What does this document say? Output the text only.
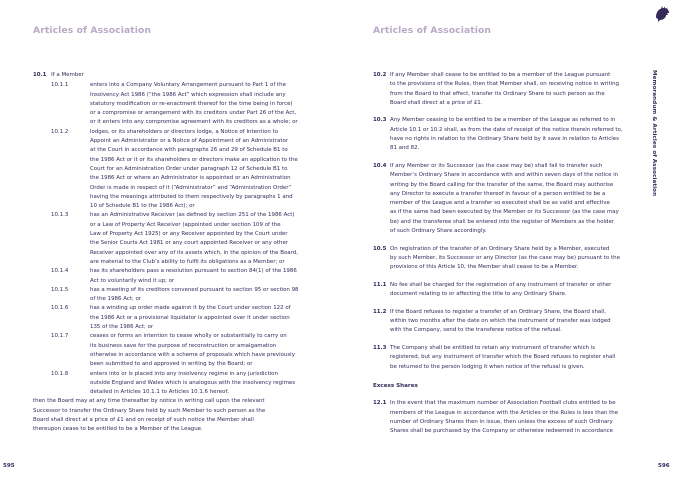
Articles of Association
10.1 If a Member
10.1.1	enters into a Company Voluntary Arrangement pursuant to Part 1 of the
Insolvency Act 1986 (“the 1986 Act” which expression shall include any
statutory modification or re-enactment thereof for the time being in force)
or a compromise or arrangement with its creditors under Part 26 of the Act,
or it enters into any compromise agreement with its creditors as a whole; or
10.1.2	lodges, or its shareholders or directors lodge, a Notice of Intention to
Appoint an Administrator or a Notice of Appointment of an Administrator
at the Court in accordance with paragraphs 26 and 29 of Schedule B1 to
the 1986 Act or it or its shareholders or directors make an application to the
Court for an Administration Order under paragraph 12 of Schedule B1 to
the 1986 Act or where an Administrator is appointed or an Administration
Order is made in respect of it (“Administrator” and “Administration Order”
having the meanings attributed to them respectively by paragraphs 1 and
10 of Schedule B1 to the 1986 Act); or
10.1.3	has an Administrative Receiver (as defined by section 251 of the 1986 Act)
or a Law of Property Act Receiver (appointed under section 109 of the
Law of Property Act 1925) or any Receiver appointed by the Court under
the Senior Courts Act 1981 or any court appointed Receiver or any other
Receiver appointed over any of its assets which, in the opinion of the Board,
are material to the Club’s ability to fulfil its obligations as a Member; or
10.1.4	has its shareholders pass a resolution pursuant to section 84(1) of the 1986
Act to voluntarily wind it up; or
10.1.5	has a meeting of its creditors convened pursuant to section 95 or section 98
of the 1986 Act; or
10.1.6	has a winding up order made against it by the Court under section 122 of
the 1986 Act or a provisional liquidator is appointed over it under section
135 of the 1986 Act; or
10.1.7	ceases or forms an intention to cease wholly or substantially to carry on
its business save for the purpose of reconstruction or amalgamation
otherwise in accordance with a scheme of proposals which have previously
been submitted to and approved in writing by the Board; or
10.1.8	enters into or is placed into any insolvency regime in any jurisdiction
outside England and Wales which is analogous with the insolvency regimes
detailed in Articles 10.1.1 to Articles 10.1.6 hereof,
then the Board may at any time thereafter by notice in writing call upon the relevant
Successor to transfer the Ordinary Share held by such Member to such person as the
Board shall direct at a price of £1 and on receipt of such notice the Member shall
thereupon cease to be entitled to be a Member of the League.
595
Articles of Association
10.2 If any Member shall cease to be entitled to be a member of the League pursuant
to the provisions of the Rules, then that Member shall, on receiving notice in writing
from the Board to that effect, transfer its Ordinary Share to such person as the
Board shall direct at a price of £1.
10.3 Any Member ceasing to be entitled to be a member of the League as referred to in
Article 10.1 or 10.2 shall, as from the date of receipt of the notice therein referred to,
have no rights in relation to the Ordinary Share held by it save in relation to Articles
81 and 82.
10.4 If any Member or its Successor (as the case may be) shall fail to transfer such
Member’s Ordinary Share in accordance with and within seven days of the notice in
writing by the Board calling for the transfer of the same, the Board may authorise
any Director to execute a transfer thereof in favour of a person entitled to be a
member of the League and a transfer so executed shall be as valid and effective
as if the same had been executed by the Member or its Successor (as the case may
be) and the transferee shall be entered into the register of Members as the holder
of such Ordinary Share accordingly.
10.5 On registration of the transfer of an Ordinary Share held by a Member, executed
by such Member, its Successor or any Director (as the case may be) pursuant to the
provisions of this Article 10, the Member shall cease to be a Member.
11.1 No fee shall be charged for the registration of any instrument of transfer or other
document relating to or affecting the title to any Ordinary Share.
11.2 If the Board refuses to register a transfer of an Ordinary Share, the Board shall,
within two months after the date on which the instrument of transfer was lodged
with the Company, send to the transferee notice of the refusal.
11.3 The Company shall be entitled to retain any instrument of transfer which is
registered, but any instrument of transfer which the Board refuses to register shall
be returned to the person lodging it when notice of the refusal is given.
Excess Shares
12.1 In the event that the maximum number of Association Football clubs entitled to be
members of the League in accordance with the Articles or the Rules is less than the
number of Ordinary Shares then in issue, then unless the excess of such Ordinary
Shares shall be purchased by the Company or otherwise redeemed in accordance
Memorandum & Articles of Association
596
